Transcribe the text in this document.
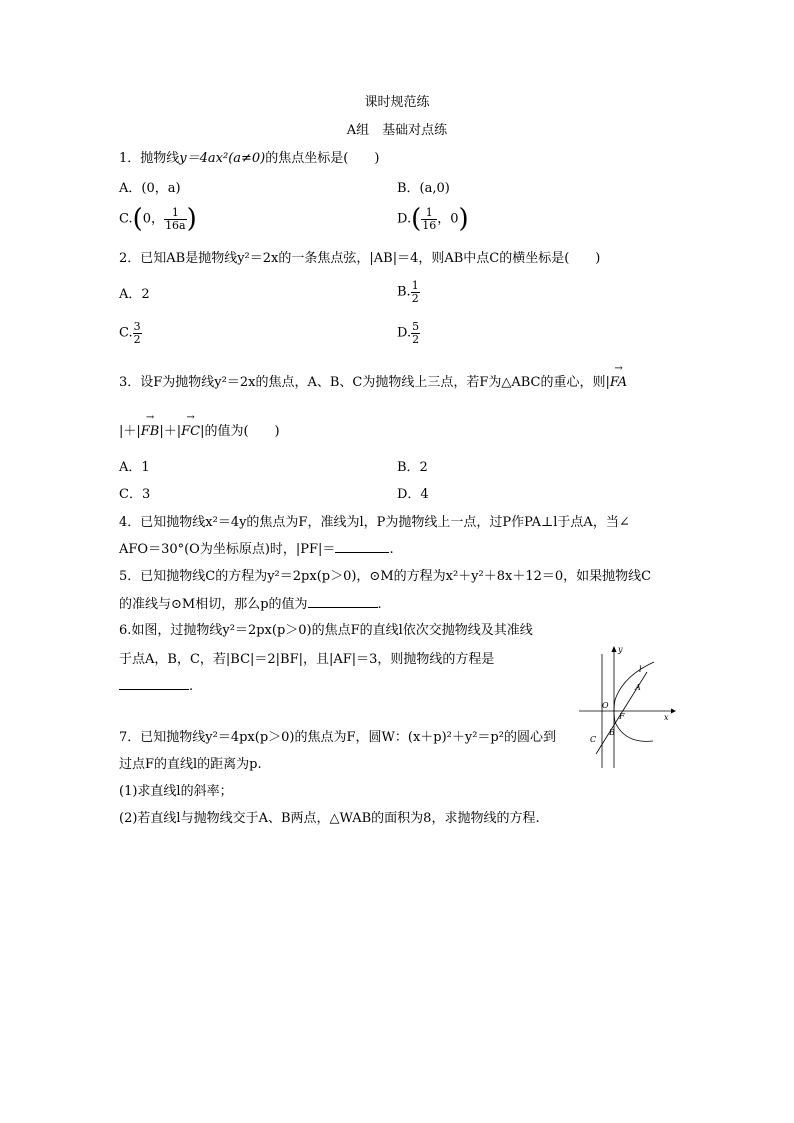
课时规范练
A组　基础对点练
1．抛物线y＝4ax²(a≠0)的焦点坐标是(　　)
A．(0，a)	B．(a,0)
C.(0， $\frac{1}{16a}$ )	$D.( \frac{1}{16}$ ，0)
2．已知AB是抛物线y²＝2x的一条焦点弦，|AB|＝4，则AB中点C的横坐标是(　　)
A．2	B. $\frac{1}{2}$
C. $\frac{3}{2}$	D. $\frac{5}{2}$
3．设F为抛物线y²＝2x的焦点，A、B、C为抛物线上三点，若F为△ABC的重心，则|→ FA
|＋|→ FB|＋|→ FC|的值为(　　)
A．1	B．2
C．3	D．4
4．已知抛物线x²＝4y的焦点为F，准线为l，P为抛物线上一点，过P作PA⊥l于点A，当∠
AFO＝30°(O为坐标原点)时，|PF|＝	.
5．已知抛物线C的方程为y²＝2px(p＞0)，⊙M的方程为x²＋y²＋8x＋12＝0，如果抛物线C
的准线与⊙M相切，那么p的值为	.
6.如图，过抛物线y²＝2px(p＞0)的焦点F的直线l依次交抛物线及其准线
于点A，B，C，若|BC|＝2|BF|，且|AF|＝3，则抛物线的方程是
.
y
x
O
F
A
B
C
l
7．已知抛物线y²＝4px(p＞0)的焦点为F，圆W：(x＋p)²＋y²＝p²的圆心到
过点F的直线l的距离为p.
(1)求直线l的斜率；
(2)若直线l与抛物线交于A、B两点，△WAB的面积为8，求抛物线的方程.
